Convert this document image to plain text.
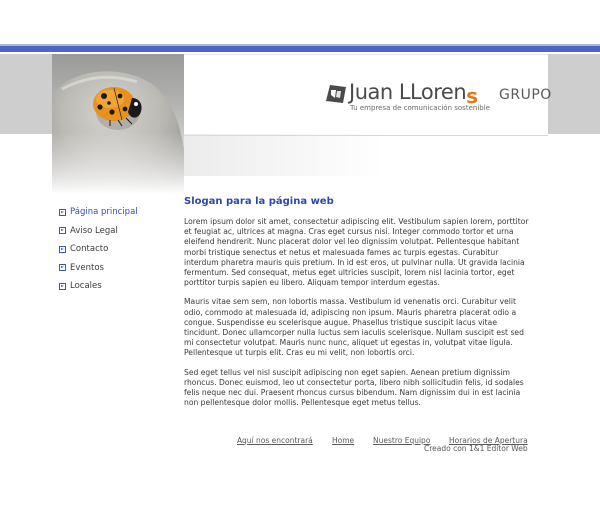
Juan LLorens GRUPO
Tu empresa de comunicación sostenible
Página principal
Aviso Legal
Contacto
Eventos
Locales
Slogan para la página web

Lorem ipsum dolor sit amet, consectetur adipiscing elit. Vestibulum sapien lorem, porttitor et feugiat ac, ultrices at magna. Cras eget cursus nisi. Integer commodo tortor et urna eleifend hendrerit. Nunc placerat dolor vel leo dignissim volutpat. Pellentesque habitant morbi tristique senectus et netus et malesuada fames ac turpis egestas. Curabitur interdum pharetra mauris quis pretium. In id est eros, ut pulvinar nulla. Ut gravida lacinia fermentum. Sed consequat, metus eget ultricies suscipit, lorem nisl lacinia tortor, eget porttitor turpis sapien eu libero. Aliquam tempor interdum egestas.

Mauris vitae sem sem, non lobortis massa. Vestibulum id venenatis orci. Curabitur velit odio, commodo at malesuada id, adipiscing non ipsum. Mauris pharetra placerat odio a congue. Suspendisse eu scelerisque augue. Phasellus tristique suscipit lacus vitae tincidunt. Donec ullamcorper nulla luctus sem iaculis scelerisque. Nullam suscipit est sed mi consectetur volutpat. Mauris nunc nunc, aliquet ut egestas in, volutpat vitae ligula. Pellentesque ut turpis elit. Cras eu mi velit, non lobortis orci.

Sed eget tellus vel nisl suscipit adipiscing non eget sapien. Aenean pretium dignissim rhoncus. Donec euismod, leo ut consectetur porta, libero nibh sollicitudin felis, id sodales felis neque nec dui. Praesent rhoncus cursus bibendum. Nam dignissim dui in est lacinia non pellentesque dolor mollis. Pellentesque eget metus tellus.

Aquí nos encontrará	Home	Nuestro Equipo Horarios de Apertura
Creado con 1&1 Editor Web
